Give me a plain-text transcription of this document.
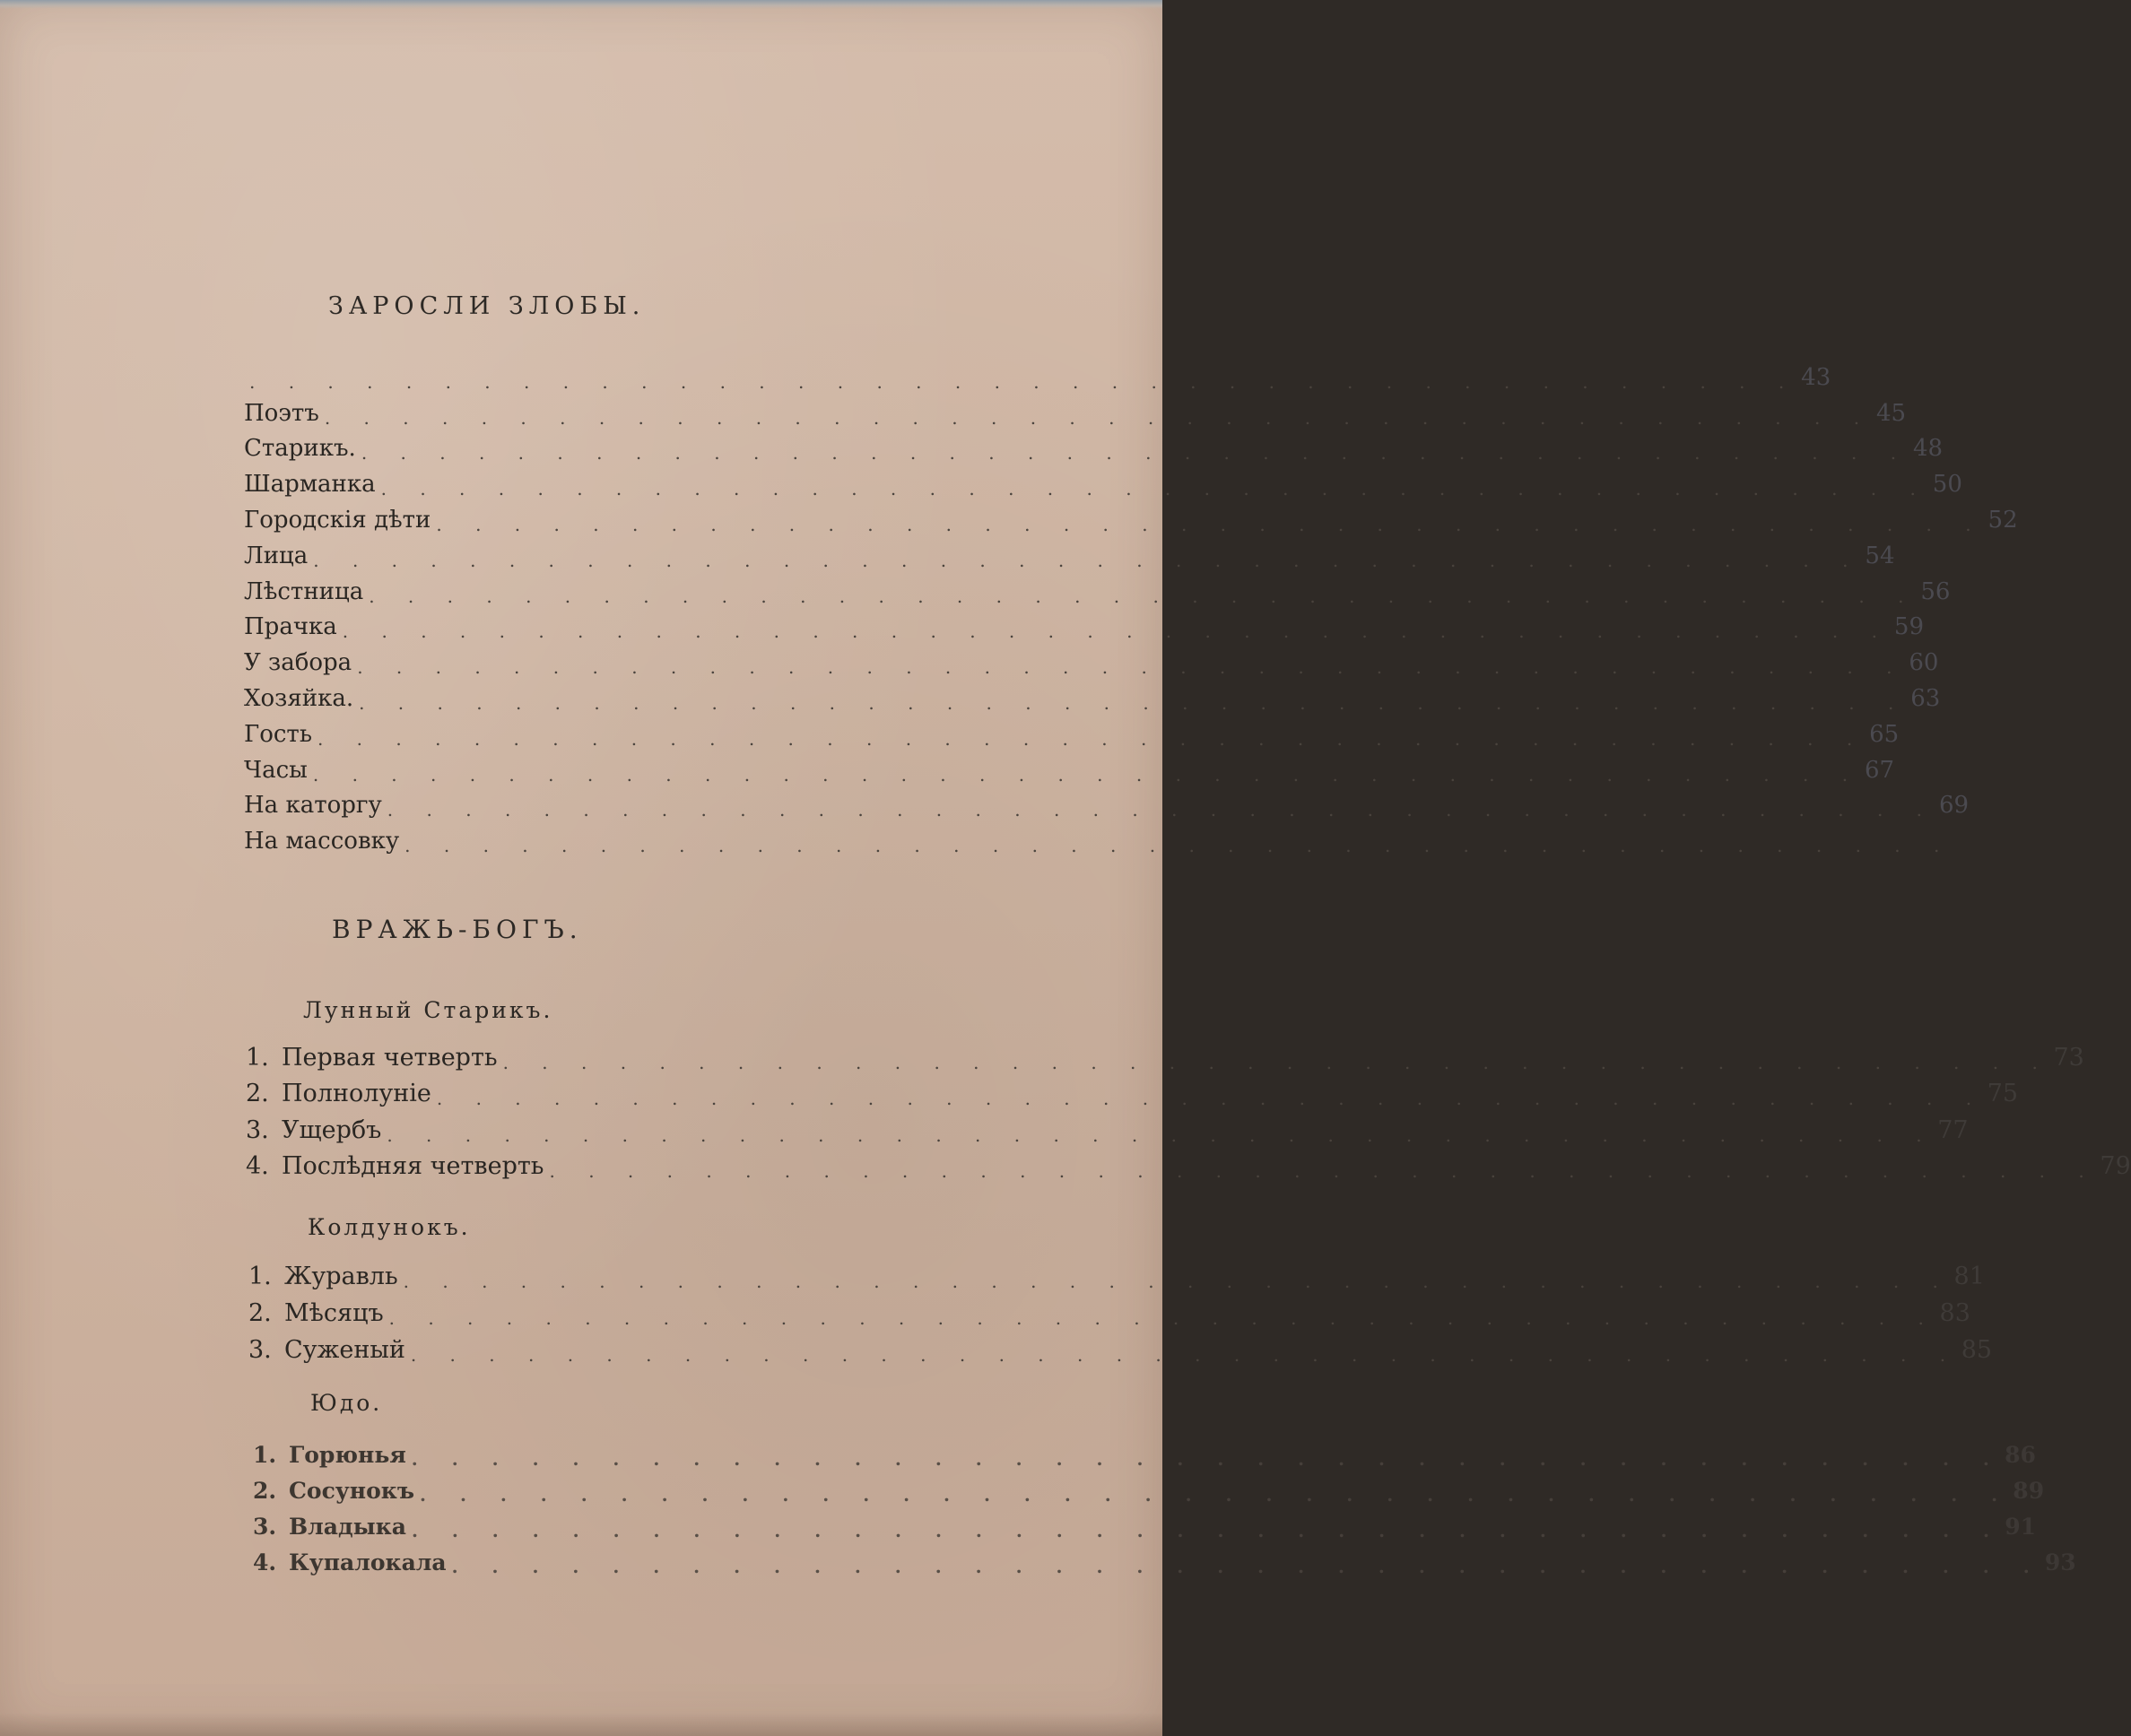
ЗАРОСЛИ ЗЛОБЫ.
. . . . . . . . . . . . . . . . . . . . . . . . . . . . . . . . . . . . . . . . 43
Поэтъ . . . . . . . . . . . . . . . . . . . . . . . . . . . . . . . . . . . . . . . . 45
Старикъ. . . . . . . . . . . . . . . . . . . . . . . . . . . . . . . . . . . . . . . . . 48
Шарманка . . . . . . . . . . . . . . . . . . . . . . . . . . . . . . . . . . . . . . . . 50
Городскія дѣти . . . . . . . . . . . . . . . . . . . . . . . . . . . . . . . . . . . . . . . . 52
Лица . . . . . . . . . . . . . . . . . . . . . . . . . . . . . . . . . . . . . . . . 54
Лѣстница . . . . . . . . . . . . . . . . . . . . . . . . . . . . . . . . . . . . . . . . 56
Прачка . . . . . . . . . . . . . . . . . . . . . . . . . . . . . . . . . . . . . . . . 59
У забора . . . . . . . . . . . . . . . . . . . . . . . . . . . . . . . . . . . . . . . . 60
Хозяйка. . . . . . . . . . . . . . . . . . . . . . . . . . . . . . . . . . . . . . . . . 63
Гость . . . . . . . . . . . . . . . . . . . . . . . . . . . . . . . . . . . . . . . . 65
Часы . . . . . . . . . . . . . . . . . . . . . . . . . . . . . . . . . . . . . . . . 67
На каторгу . . . . . . . . . . . . . . . . . . . . . . . . . . . . . . . . . . . . . . . . 69
На массовку . . . . . . . . . . . . . . . . . . . . . . . . . . . . . . . . . . . . . . . .
ВРАЖЬ-БОГЪ.
Лунный Старикъ.
1. Первая четверть . . . . . . . . . . . . . . . . . . . . . . . . . . . . . . . . . . . . . . . . 73
2. Полнолуніе . . . . . . . . . . . . . . . . . . . . . . . . . . . . . . . . . . . . . . . . 75
3. Ущербъ . . . . . . . . . . . . . . . . . . . . . . . . . . . . . . . . . . . . . . . . 77
4. Послѣдняя четверть . . . . . . . . . . . . . . . . . . . . . . . . . . . . . . . . . . . . . . . . 79
Колдунокъ.
1. Журавль . . . . . . . . . . . . . . . . . . . . . . . . . . . . . . . . . . . . . . . . 81
2. Мѣсяцъ . . . . . . . . . . . . . . . . . . . . . . . . . . . . . . . . . . . . . . . . 83
3. Суженый . . . . . . . . . . . . . . . . . . . . . . . . . . . . . . . . . . . . . . . . 85
Юдо.
1. Горюнья . . . . . . . . . . . . . . . . . . . . . . . . . . . . . . . . . . . . . . . . 86
2. Сосунокъ . . . . . . . . . . . . . . . . . . . . . . . . . . . . . . . . . . . . . . . . 89
3. Владыка . . . . . . . . . . . . . . . . . . . . . . . . . . . . . . . . . . . . . . . . 91
4. Купалокала . . . . . . . . . . . . . . . . . . . . . . . . . . . . . . . . . . . . . . . . 93
